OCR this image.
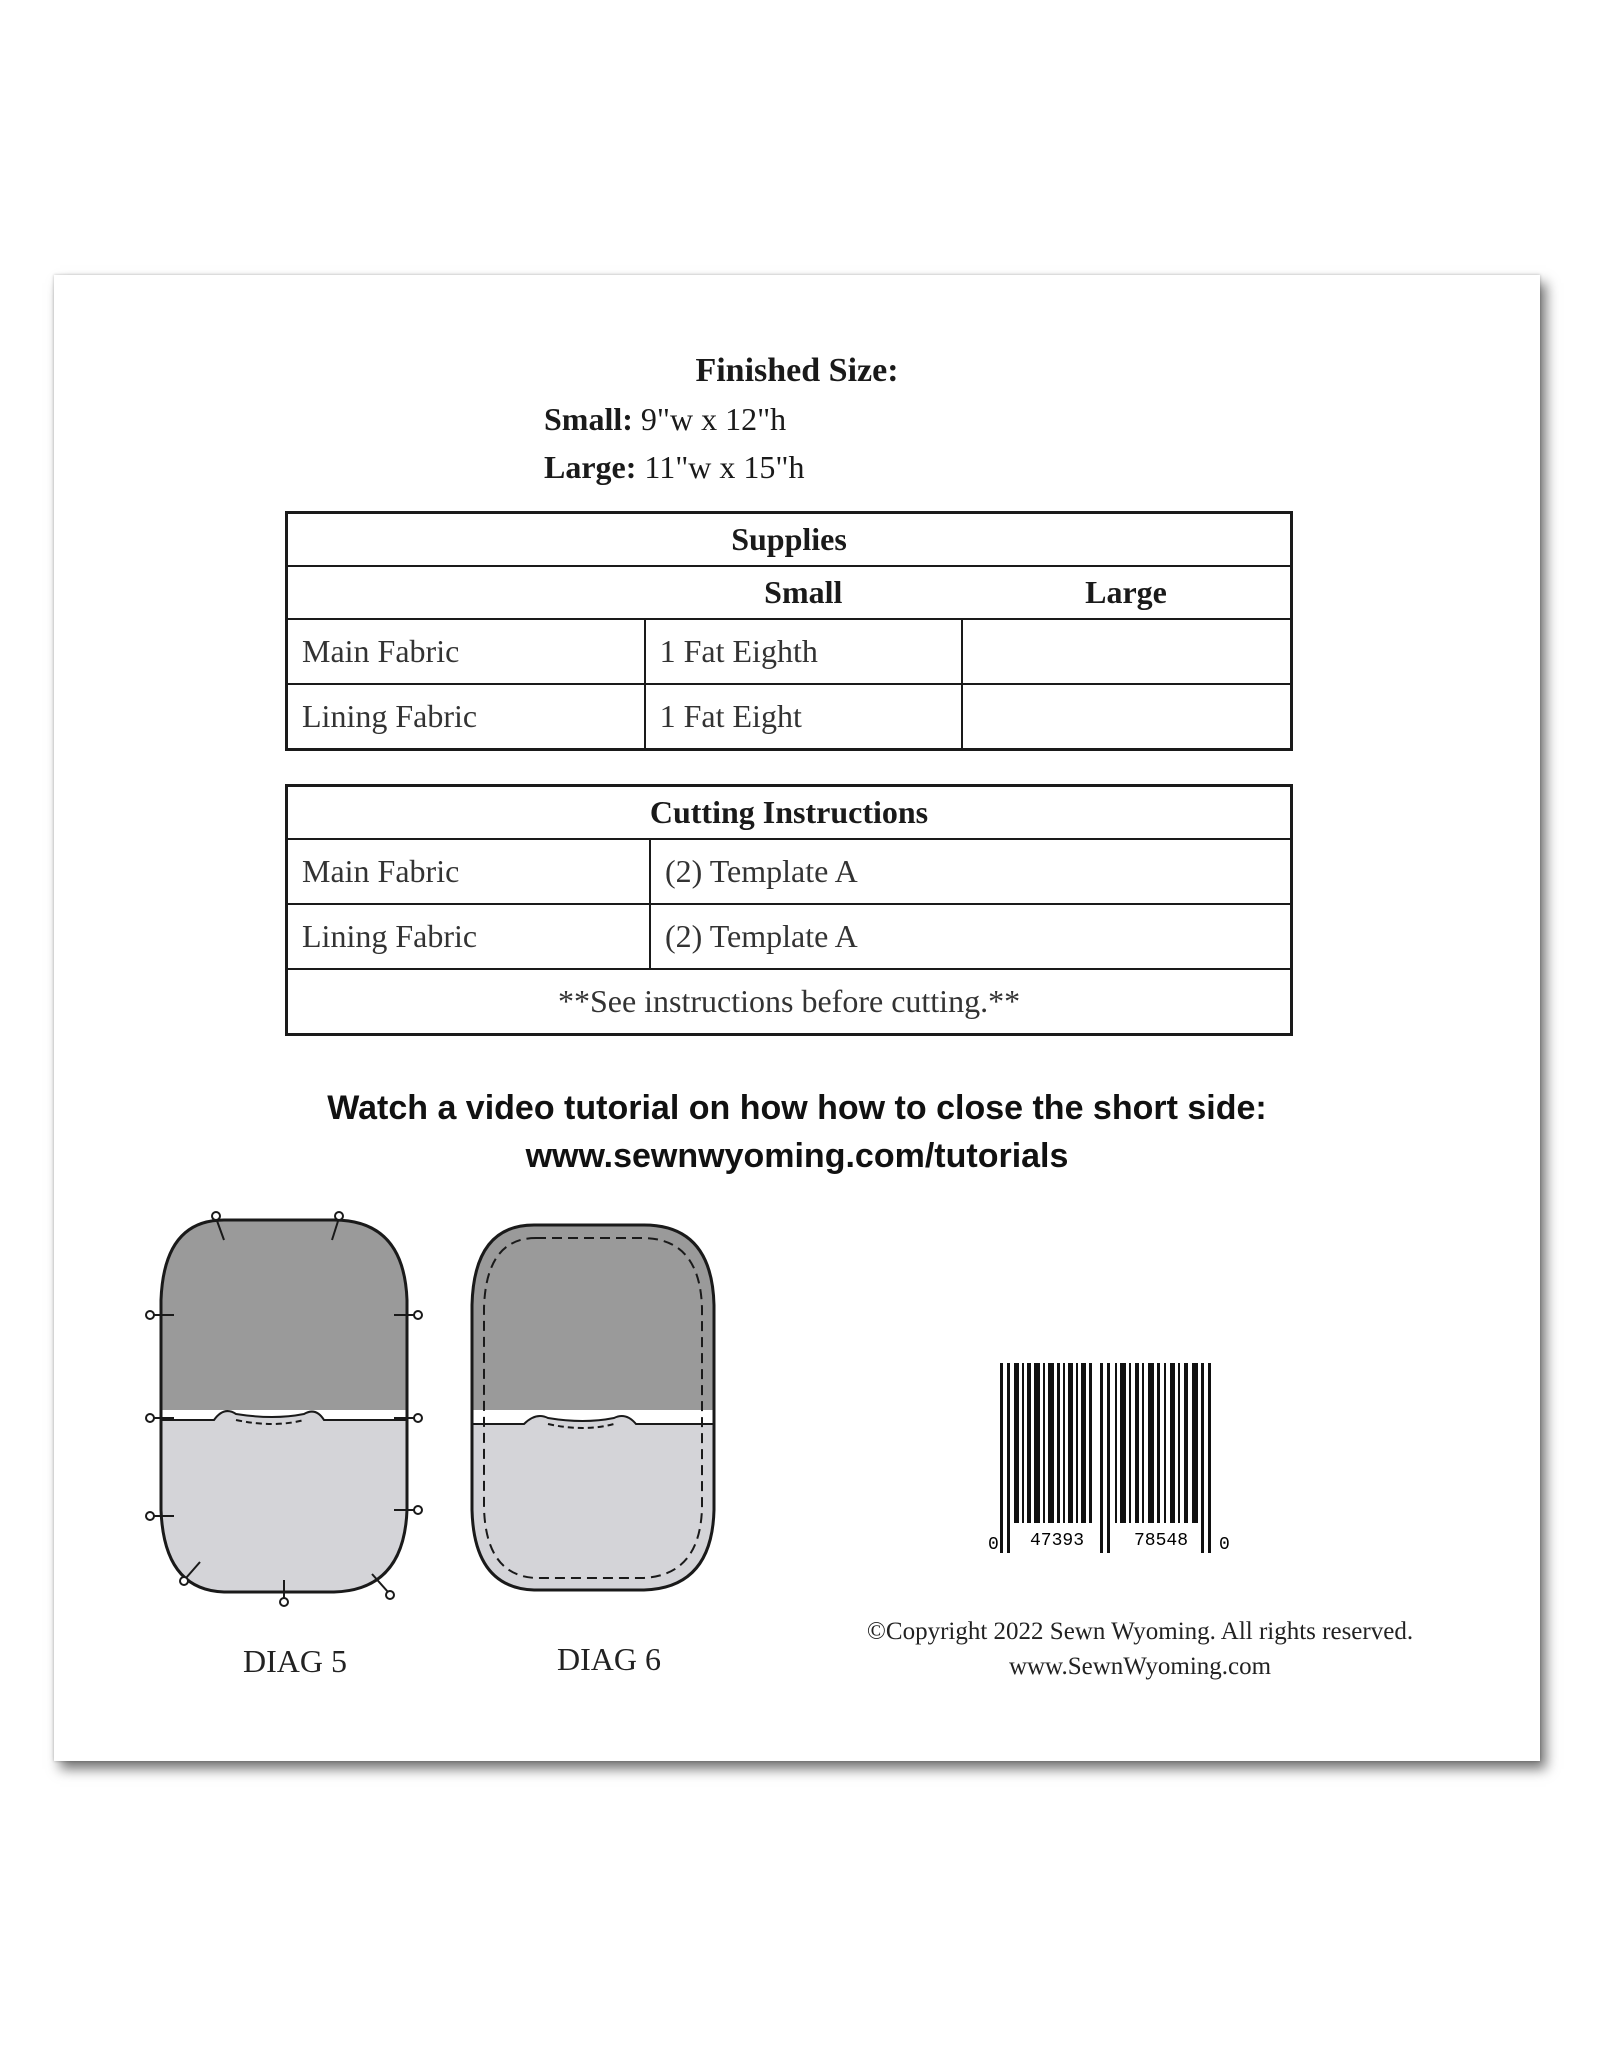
Finished Size:
Small: 9"w x 12"h
Large: 11"w x 15"h
Supplies		
	Small	Large
Main Fabric	1 Fat Eighth	
Lining Fabric	1 Fat Eight	
Cutting Instructions	
Main Fabric	(2) Template A
Lining Fabric	(2) Template A
**See instructions before cutting.**	
Watch a video tutorial on how how to close the short side:
www.sewnwyoming.com/tutorials
DIAG 5	DIAG 6
0 47393	78548 0
©Copyright 2022 Sewn Wyoming. All rights reserved.
www.SewnWyoming.com
